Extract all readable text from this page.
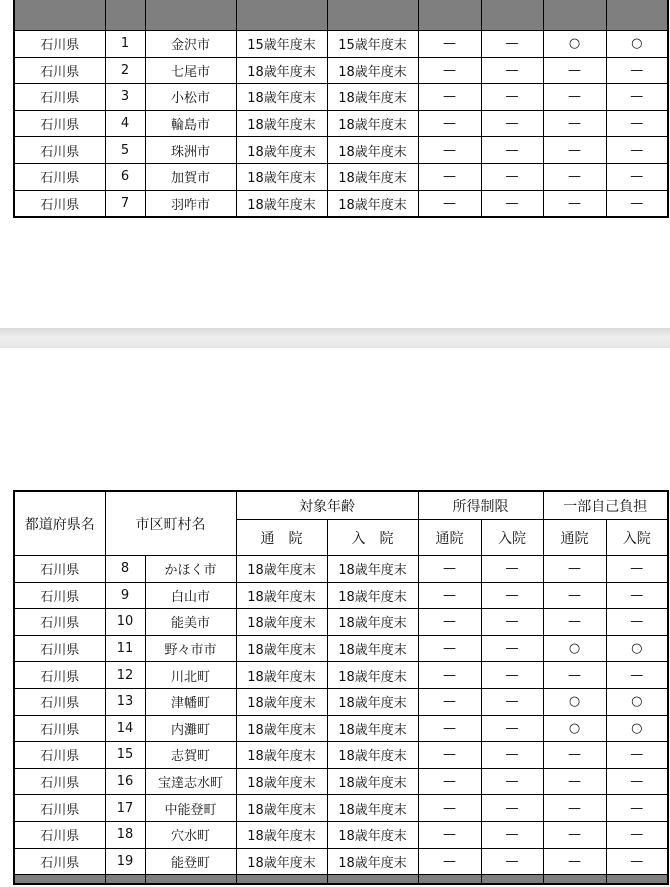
石川県	1	金沢市	15歳年度末	15歳年度末	—	—	○	○
石川県	2	七尾市	18歳年度末	18歳年度末	—	—	—	—
石川県	3	小松市	18歳年度末	18歳年度末	—	—	—	—
石川県	4	輪島市	18歳年度末	18歳年度末	—	—	—	—
石川県	5	珠洲市	18歳年度末	18歳年度末	—	—	—	—
石川県	6	加賀市	18歳年度末	18歳年度末	—	—	—	—
石川県	7	羽咋市	18歳年度末	18歳年度末	—	—	—	—
都道府県名	市区町村名		対象年齢		所得制限		一部自己負担	
			通　院	入　院	通院	入院	通院	入院
石川県	8	かほく市	18歳年度末	18歳年度末	—	—	—	—
石川県	9	白山市	18歳年度末	18歳年度末	—	—	—	—
石川県	10	能美市	18歳年度末	18歳年度末	—	—	—	—
石川県	11	野々市市	18歳年度末	18歳年度末	—	—	○	○
石川県	12	川北町	18歳年度末	18歳年度末	—	—	—	—
石川県	13	津幡町	18歳年度末	18歳年度末	—	—	○	○
石川県	14	内灘町	18歳年度末	18歳年度末	—	—	○	○
石川県	15	志賀町	18歳年度末	18歳年度末	—	—	—	—
石川県	16	宝達志水町	18歳年度末	18歳年度末	—	—	—	—
石川県	17	中能登町	18歳年度末	18歳年度末	—	—	—	—
石川県	18	穴水町	18歳年度末	18歳年度末	—	—	—	—
石川県	19	能登町	18歳年度末	18歳年度末	—	—	—	—
